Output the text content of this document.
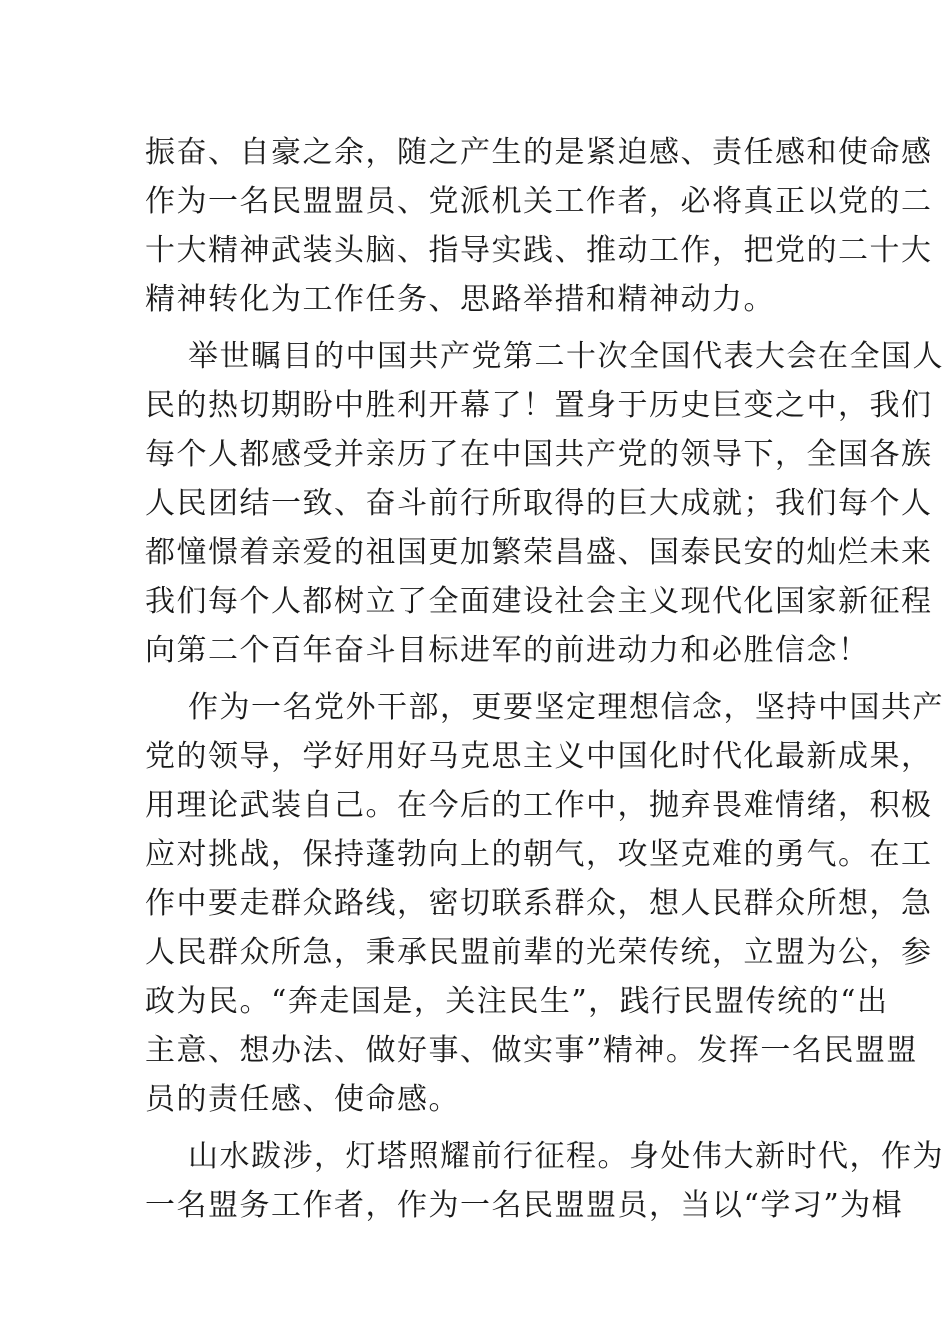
振奋、自豪之余，随之产生的是紧迫感、责任感和使命感
作为一名民盟盟员、党派机关工作者，必将真正以党的二
十大精神武装头脑、指导实践、推动工作，把党的二十大
精神转化为工作任务、思路举措和精神动力。
举世瞩目的中国共产党第二十次全国代表大会在全国人
民的热切期盼中胜利开幕了！置身于历史巨变之中，我们
每个人都感受并亲历了在中国共产党的领导下，全国各族
人民团结一致、奋斗前行所取得的巨大成就；我们每个人
都憧憬着亲爱的祖国更加繁荣昌盛、国泰民安的灿烂未来
我们每个人都树立了全面建设社会主义现代化国家新征程
向第二个百年奋斗目标进军的前进动力和必胜信念！
作为一名党外干部，更要坚定理想信念，坚持中国共产
党的领导，学好用好马克思主义中国化时代化最新成果，
用理论武装自己。在今后的工作中，抛弃畏难情绪，积极
应对挑战，保持蓬勃向上的朝气，攻坚克难的勇气。在工
作中要走群众路线，密切联系群众，想人民群众所想，急
人民群众所急，秉承民盟前辈的光荣传统，立盟为公，参
政为民。“奔走国是，关注民生”，践行民盟传统的“出
主意、想办法、做好事、做实事”精神。发挥一名民盟盟
员的责任感、使命感。
山水跋涉，灯塔照耀前行征程。身处伟大新时代，作为
一名盟务工作者，作为一名民盟盟员，当以“学习”为楫
